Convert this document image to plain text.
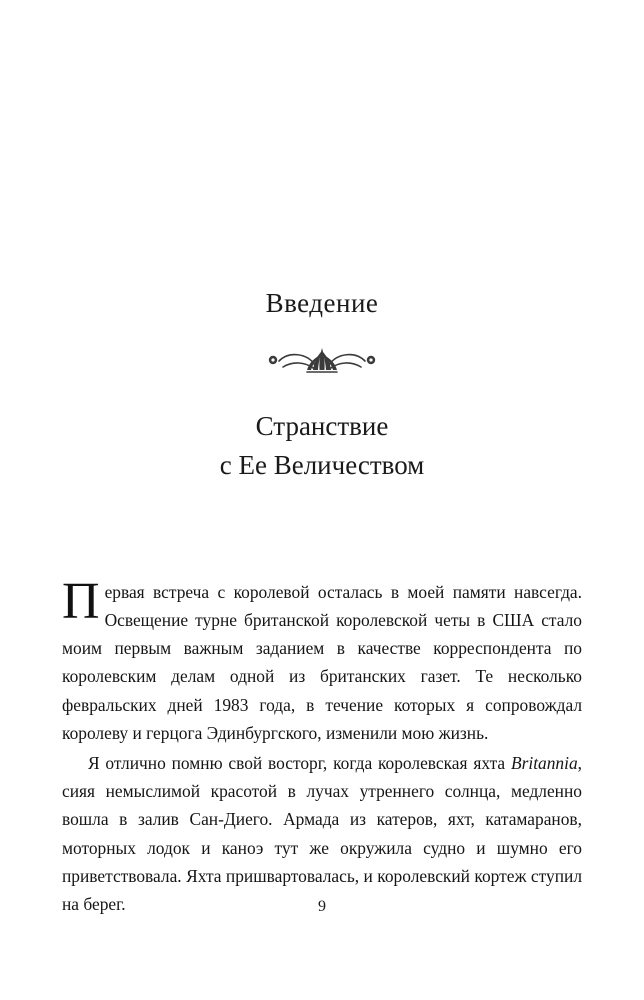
Введение
Странствие
с Ее Величеством

Первая встреча с королевой осталась в моей памяти навсегда. Освещение турне британской королевской четы в США стало моим первым важным заданием в качестве корреспондента по королевским делам одной из британских газет. Те несколько февральских дней 1983 года, в течение которых я сопровождал королеву и герцога Эдинбургского, изменили мою жизнь.

Я отлично помню свой восторг, когда королевская яхта Britannia, сияя немыслимой красотой в лучах утреннего солнца, медленно вошла в залив Сан-Диего. Армада из катеров, яхт, катамаранов, моторных лодок и каноэ тут же окружила судно и шумно его приветствовала. Яхта пришвартовалась, и королевский кортеж ступил на берег.	9
